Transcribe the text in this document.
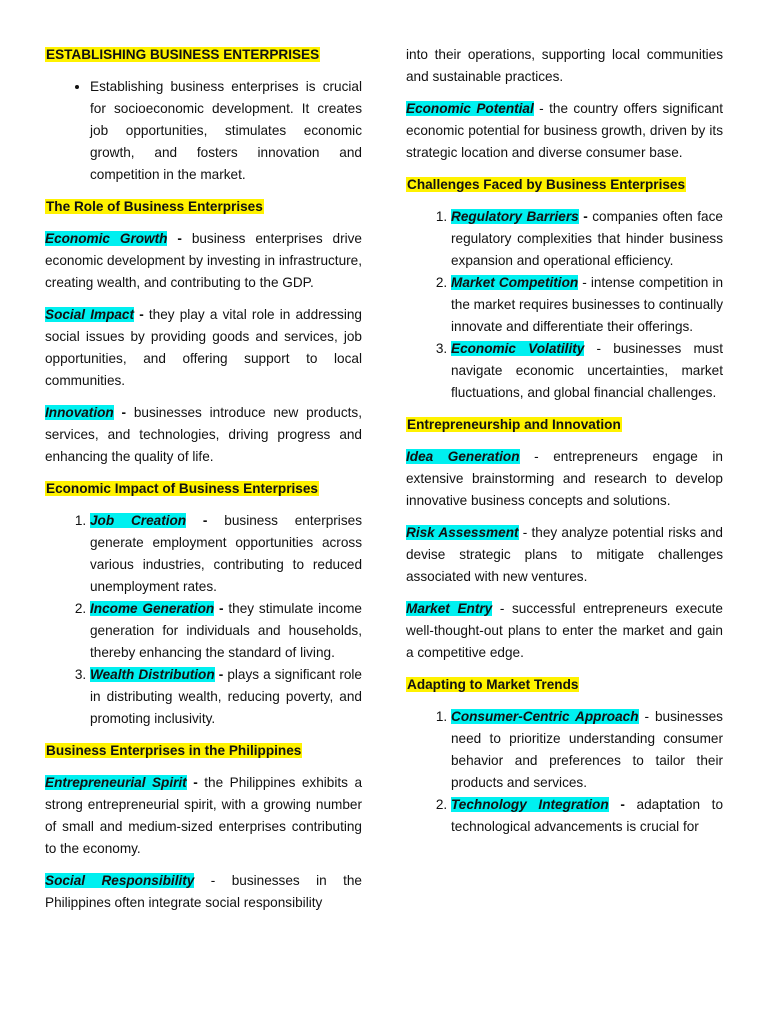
ESTABLISHING BUSINESS ENTERPRISES
• Establishing business enterprises is crucial for socioeconomic development. It creates job opportunities, stimulates economic growth, and fosters innovation and competition in the market.
The Role of Business Enterprises

Economic Growth - business enterprises drive economic development by investing in infrastructure, creating wealth, and contributing to the GDP.

Social Impact - they play a vital role in addressing social issues by providing goods and services, job opportunities, and offering support to local communities.

Innovation - businesses introduce new products, services, and technologies, driving progress and enhancing the quality of life.

Economic Impact of Business Enterprises
1. Job Creation - business enterprises generate employment opportunities across various industries, contributing to reduced unemployment rates.
2. Income Generation - they stimulate income generation for individuals and households, thereby enhancing the standard of living.
3. Wealth Distribution - plays a significant role in distributing wealth, reducing poverty, and promoting inclusivity.
Business Enterprises in the Philippines

Entrepreneurial Spirit - the Philippines exhibits a strong entrepreneurial spirit, with a growing number of small and medium-sized enterprises contributing to the economy.

Social Responsibility - businesses in the Philippines often integrate social responsibility

into their operations, supporting local communities and sustainable practices.

Economic Potential - the country offers significant economic potential for business growth, driven by its strategic location and diverse consumer base.

Challenges Faced by Business Enterprises
1. Regulatory Barriers - companies often face regulatory complexities that hinder business expansion and operational efficiency.
2. Market Competition - intense competition in the market requires businesses to continually innovate and differentiate their offerings.
3. Economic Volatility - businesses must navigate economic uncertainties, market fluctuations, and global financial challenges.
Entrepreneurship and Innovation

Idea Generation - entrepreneurs engage in extensive brainstorming and research to develop innovative business concepts and solutions.

Risk Assessment - they analyze potential risks and devise strategic plans to mitigate challenges associated with new ventures.

Market Entry - successful entrepreneurs execute well-thought-out plans to enter the market and gain a competitive edge.

Adapting to Market Trends
1. Consumer-Centric Approach - businesses need to prioritize understanding consumer behavior and preferences to tailor their products and services.
2. Technology Integration - adaptation to technological advancements is crucial for
